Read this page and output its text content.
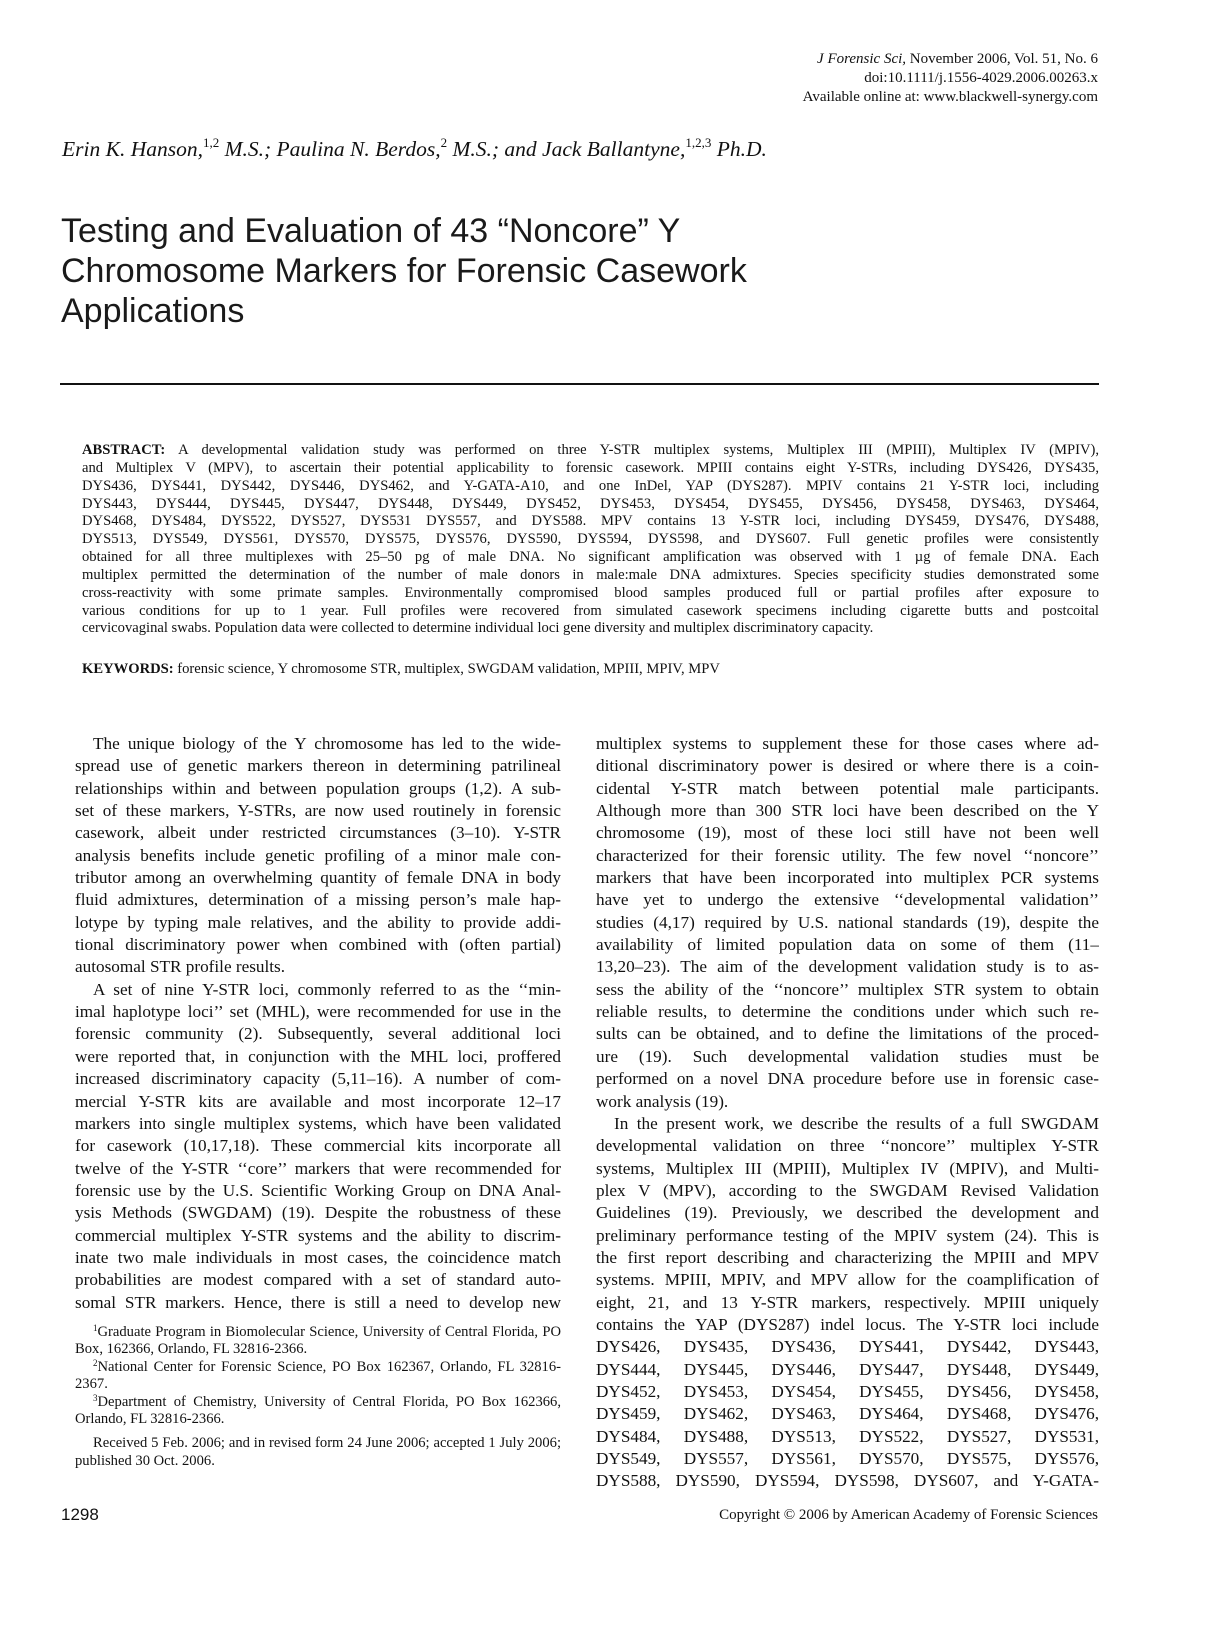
J Forensic Sci, November 2006, Vol. 51, No. 6
doi:10.1111/j.1556-4029.2006.00263.x
Available online at: www.blackwell-synergy.com
Erin K. Hanson,$^{1,2}$ M.S.; Paulina N. Berdos,$^2$ M.S.; and Jack Ballantyne,$^{1,2,3}$ Ph.D.
Testing and Evaluation of 43 “Noncore” Y
Chromosome Markers for Forensic Casework
Applications
ABSTRACT: A developmental validation study was performed on three Y-STR multiplex systems, Multiplex III (MPIII), Multiplex IV (MPIV),
and Multiplex V (MPV), to ascertain their potential applicability to forensic casework. MPIII contains eight Y-STRs, including DYS426, DYS435,
DYS436, DYS441, DYS442, DYS446, DYS462, and Y-GATA-A10, and one InDel, YAP (DYS287). MPIV contains 21 Y-STR loci, including
DYS443, DYS444, DYS445, DYS447, DYS448, DYS449, DYS452, DYS453, DYS454, DYS455, DYS456, DYS458, DYS463, DYS464,
DYS468, DYS484, DYS522, DYS527, DYS531 DYS557, and DYS588. MPV contains 13 Y-STR loci, including DYS459, DYS476, DYS488,
DYS513, DYS549, DYS561, DYS570, DYS575, DYS576, DYS590, DYS594, DYS598, and DYS607. Full genetic profiles were consistently
obtained for all three multiplexes with 25–50 pg of male DNA. No significant amplification was observed with 1 µg of female DNA. Each
multiplex permitted the determination of the number of male donors in male:male DNA admixtures. Species specificity studies demonstrated some
cross-reactivity with some primate samples. Environmentally compromised blood samples produced full or partial profiles after exposure to
various conditions for up to 1 year. Full profiles were recovered from simulated casework specimens including cigarette butts and postcoital
cervicovaginal swabs. Population data were collected to determine individual loci gene diversity and multiplex discriminatory capacity.
KEYWORDS: forensic science, Y chromosome STR, multiplex, SWGDAM validation, MPIII, MPIV, MPV
The unique biology of the Y chromosome has led to the wide-
spread use of genetic markers thereon in determining patrilineal
relationships within and between population groups (1,2). A sub-
set of these markers, Y-STRs, are now used routinely in forensic
casework, albeit under restricted circumstances (3–10). Y-STR
analysis benefits include genetic profiling of a minor male con-
tributor among an overwhelming quantity of female DNA in body
fluid admixtures, determination of a missing person’s male hap-
lotype by typing male relatives, and the ability to provide addi-
tional discriminatory power when combined with (often partial)
autosomal STR profile results.
A set of nine Y-STR loci, commonly referred to as the ‘‘min-
imal haplotype loci’’ set (MHL), were recommended for use in the
forensic community (2). Subsequently, several additional loci
were reported that, in conjunction with the MHL loci, proffered
increased discriminatory capacity (5,11–16). A number of com-
mercial Y-STR kits are available and most incorporate 12–17
markers into single multiplex systems, which have been validated
for casework (10,17,18). These commercial kits incorporate all
twelve of the Y-STR ‘‘core’’ markers that were recommended for
forensic use by the U.S. Scientific Working Group on DNA Anal-
ysis Methods (SWGDAM) (19). Despite the robustness of these
commercial multiplex Y-STR systems and the ability to discrim-
inate two male individuals in most cases, the coincidence match
probabilities are modest compared with a set of standard auto-
somal STR markers. Hence, there is still a need to develop new
multiplex systems to supplement these for those cases where ad-
ditional discriminatory power is desired or where there is a coin-
cidental Y-STR match between potential male participants.
Although more than 300 STR loci have been described on the Y
chromosome (19), most of these loci still have not been well
characterized for their forensic utility. The few novel ‘‘noncore’’
markers that have been incorporated into multiplex PCR systems
have yet to undergo the extensive ‘‘developmental validation’’
studies (4,17) required by U.S. national standards (19), despite the
availability of limited population data on some of them (11–
13,20–23). The aim of the development validation study is to as-
sess the ability of the ‘‘noncore’’ multiplex STR system to obtain
reliable results, to determine the conditions under which such re-
sults can be obtained, and to define the limitations of the proced-
ure (19). Such developmental validation studies must be
performed on a novel DNA procedure before use in forensic case-
work analysis (19).
In the present work, we describe the results of a full SWGDAM
developmental validation on three ‘‘noncore’’ multiplex Y-STR
systems, Multiplex III (MPIII), Multiplex IV (MPIV), and Multi-
plex V (MPV), according to the SWGDAM Revised Validation
Guidelines (19). Previously, we described the development and
preliminary performance testing of the MPIV system (24). This is
the first report describing and characterizing the MPIII and MPV
systems. MPIII, MPIV, and MPV allow for the coamplification of
eight, 21, and 13 Y-STR markers, respectively. MPIII uniquely
contains the YAP (DYS287) indel locus. The Y-STR loci include
DYS426, DYS435, DYS436, DYS441, DYS442, DYS443,
DYS444, DYS445, DYS446, DYS447, DYS448, DYS449,
DYS452, DYS453, DYS454, DYS455, DYS456, DYS458,
DYS459, DYS462, DYS463, DYS464, DYS468, DYS476,
DYS484, DYS488, DYS513, DYS522, DYS527, DYS531,
DYS549, DYS557, DYS561, DYS570, DYS575, DYS576,
DYS588, DYS590, DYS594, DYS598, DYS607, and Y-GATA-
$^1$Graduate Program in Biomolecular Science, University of Central Florida, PO Box, 162366, Orlando, FL 32816-2366.
$^2$National Center for Forensic Science, PO Box 162367, Orlando, FL 32816-2367.
$^3$Department of Chemistry, University of Central Florida, PO Box 162366, Orlando, FL 32816-2366.
Received 5 Feb. 2006; and in revised form 24 June 2006; accepted 1 July 2006; published 30 Oct. 2006.
1298	Copyright © 2006 by American Academy of Forensic Sciences
